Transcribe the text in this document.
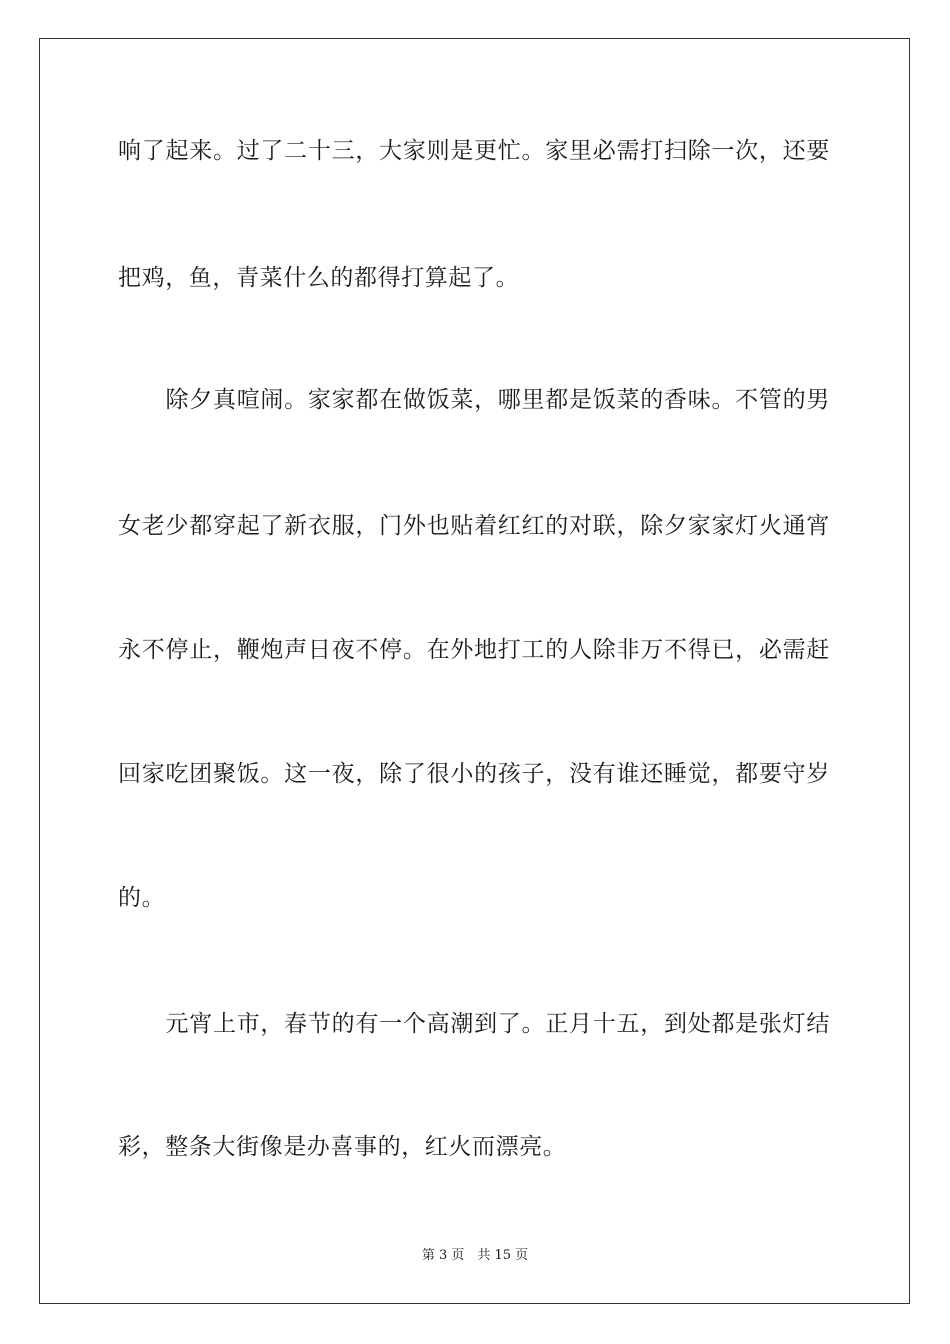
响了起来。过了二十三，大家则是更忙。家里必需打扫除一次，还要
把鸡，鱼，青菜什么的都得打算起了。
　　除夕真喧闹。家家都在做饭菜，哪里都是饭菜的香味。不管的男
女老少都穿起了新衣服，门外也贴着红红的对联，除夕家家灯火通宵
永不停止，鞭炮声日夜不停。在外地打工的人除非万不得已，必需赶
回家吃团聚饭。这一夜，除了很小的孩子，没有谁还睡觉，都要守岁
的。
　　元宵上市，春节的有一个高潮到了。正月十五，到处都是张灯结
彩，整条大街像是办喜事的，红火而漂亮。
第 3 页　共 15 页
